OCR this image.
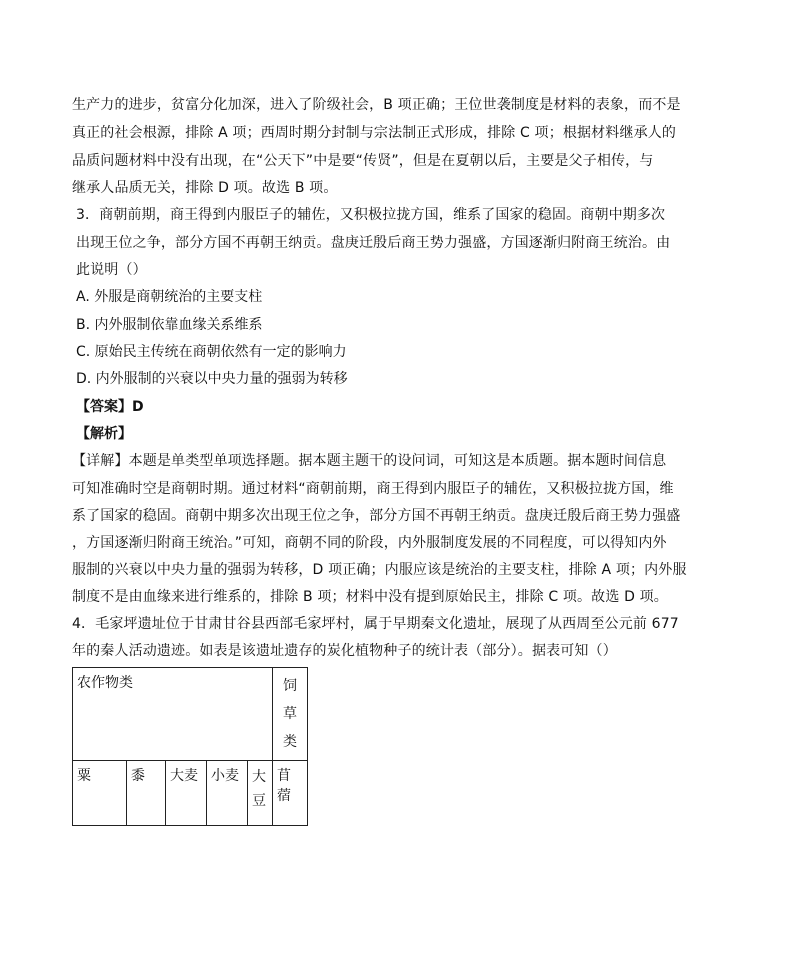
生产力的进步，贫富分化加深，进入了阶级社会，B 项正确；王位世袭制度是材料的表象，而不是
真正的社会根源，排除 A 项；西周时期分封制与宗法制正式形成，排除 C 项；根据材料继承人的
品质问题材料中没有出现，在“公天下”中是要“传贤”，但是在夏朝以后，主要是父子相传，与
继承人品质无关，排除 D 项。故选 B 项。
3．商朝前期，商王得到内服臣子的辅佐，又积极拉拢方国，维系了国家的稳固。商朝中期多次
出现王位之争，部分方国不再朝王纳贡。盘庚迁殷后商王势力强盛，方国逐渐归附商王统治。由
此说明（）
A. 外服是商朝统治的主要支柱
B. 内外服制依靠血缘关系维系
C. 原始民主传统在商朝依然有一定的影响力
D. 内外服制的兴衰以中央力量的强弱为转移
【答案】D
【解析】
【详解】本题是单类型单项选择题。据本题主题干的设问词，可知这是本质题。据本题时间信息
可知准确时空是商朝时期。通过材料“商朝前期，商王得到内服臣子的辅佐，又积极拉拢方国，维
系了国家的稳固。商朝中期多次出现王位之争，部分方国不再朝王纳贡。盘庚迁殷后商王势力强盛
，方国逐渐归附商王统治。”可知，商朝不同的阶段，内外服制度发展的不同程度，可以得知内外
服制的兴衰以中央力量的强弱为转移，D 项正确；内服应该是统治的主要支柱，排除 A 项；内外服
制度不是由血缘来进行维系的，排除 B 项；材料中没有提到原始民主，排除 C 项。故选 D 项。
4．毛家坪遗址位于甘肃甘谷县西部毛家坪村，属于早期秦文化遗址，展现了从西周至公元前 677
年的秦人活动遗迹。如表是该遗址遗存的炭化植物种子的统计表（部分）。据表可知（）
农作物类					饲
草
类

粟	黍	大麦	小麦	大
豆	苜蓿
